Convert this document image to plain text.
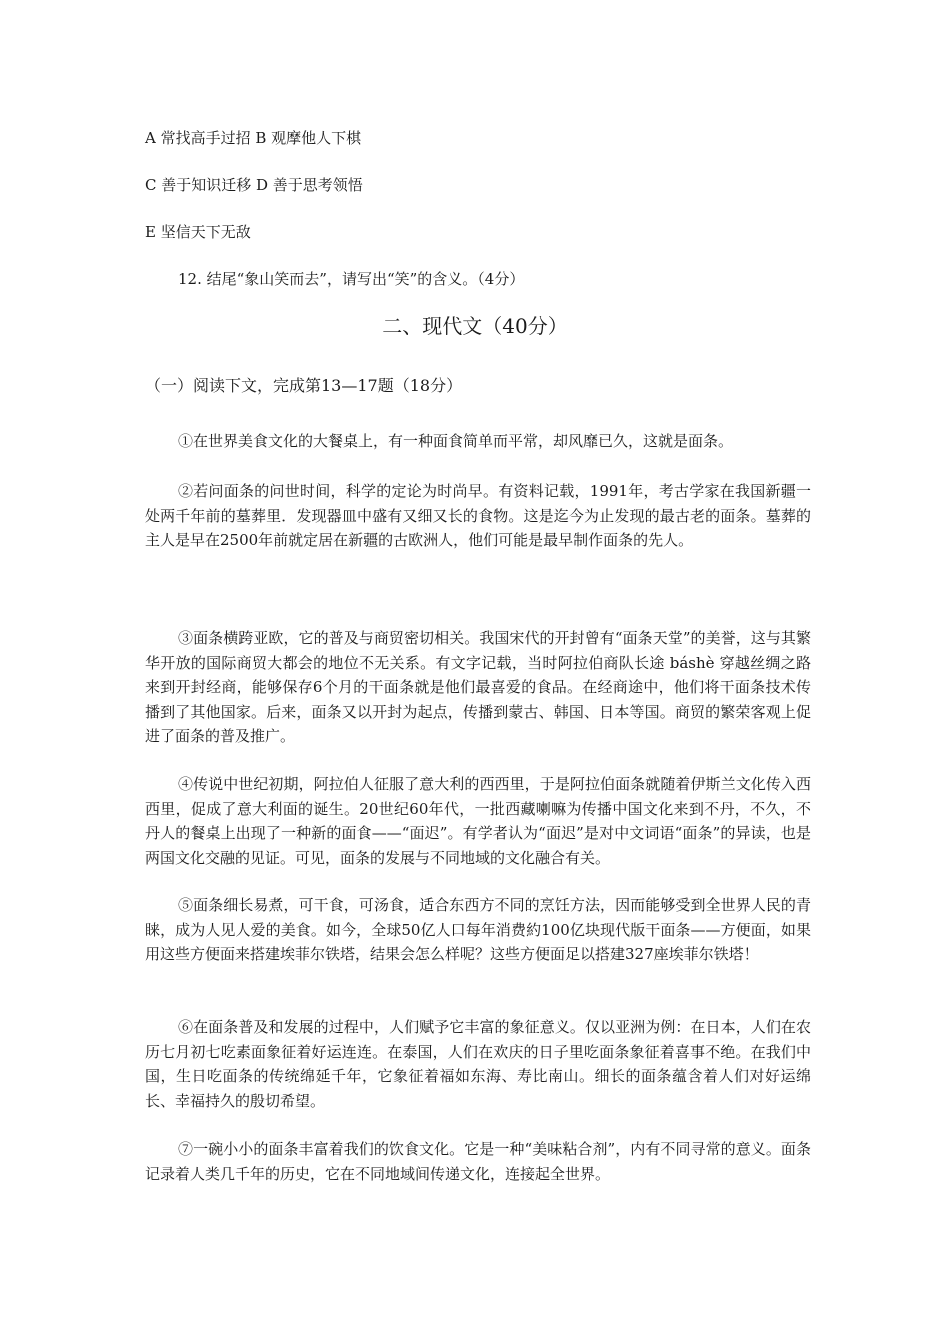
A 常找高手过招 B 观摩他人下棋
C 善于知识迁移 D 善于思考领悟
E 坚信天下无敌
12. 结尾“象山笑而去”，请写出“笑”的含义。（4分）
二、现代文（40分）
（一）阅读下文，完成第13—17题（18分）

①在世界美食文化的大餐桌上，有一种面食简单而平常，却风靡已久，这就是面条。

②若问面条的问世时间，科学的定论为时尚早。有资料记载，1991年，考古学家在我国新疆一处两千年前的墓葬里．发现器皿中盛有又细又长的食物。这是迄今为止发现的最古老的面条。墓葬的主人是早在2500年前就定居在新疆的古欧洲人，他们可能是最早制作面条的先人。

③面条横跨亚欧，它的普及与商贸密切相关。我国宋代的开封曾有“面条天堂”的美誉，这与其繁华开放的国际商贸大都会的地位不无关系。有文字记载，当时阿拉伯商队长途 báshè 穿越丝绸之路来到开封经商，能够保存6个月的干面条就是他们最喜爱的食品。在经商途中，他们将干面条技术传播到了其他国家。后来，面条又以开封为起点，传播到蒙古、韩国、日本等国。商贸的繁荣客观上促进了面条的普及推广。

④传说中世纪初期，阿拉伯人征服了意大利的西西里，于是阿拉伯面条就随着伊斯兰文化传入西西里，促成了意大利面的诞生。20世纪60年代，一批西藏喇嘛为传播中国文化来到不丹，不久，不丹人的餐桌上出现了一种新的面食——“面迟”。有学者认为“面迟”是对中文词语“面条”的异读，也是两国文化交融的见证。可见，面条的发展与不同地域的文化融合有关。

⑤面条细长易煮，可干食，可汤食，适合东西方不同的烹饪方法，因而能够受到全世界人民的青睐，成为人见人爱的美食。如今，全球50亿人口每年消费約100亿块现代版干面条——方便面，如果用这些方便面来搭建埃菲尔铁塔，结果会怎么样呢？这些方便面足以搭建327座埃菲尔铁塔！

⑥在面条普及和发展的过程中，人们赋予它丰富的象征意义。仅以亚洲为例：在日本，人们在农历七月初七吃素面象征着好运连连。在泰国，人们在欢庆的日子里吃面条象征着喜事不绝。在我们中国，生日吃面条的传统绵延千年，它象征着福如东海、寿比南山。细长的面条蕴含着人们对好运绵长、幸福持久的殷切希望。

⑦一碗小小的面条丰富着我们的饮食文化。它是一种“美味粘合剂”，内有不同寻常的意义。面条记录着人类几千年的历史，它在不同地域间传递文化，连接起全世界。
